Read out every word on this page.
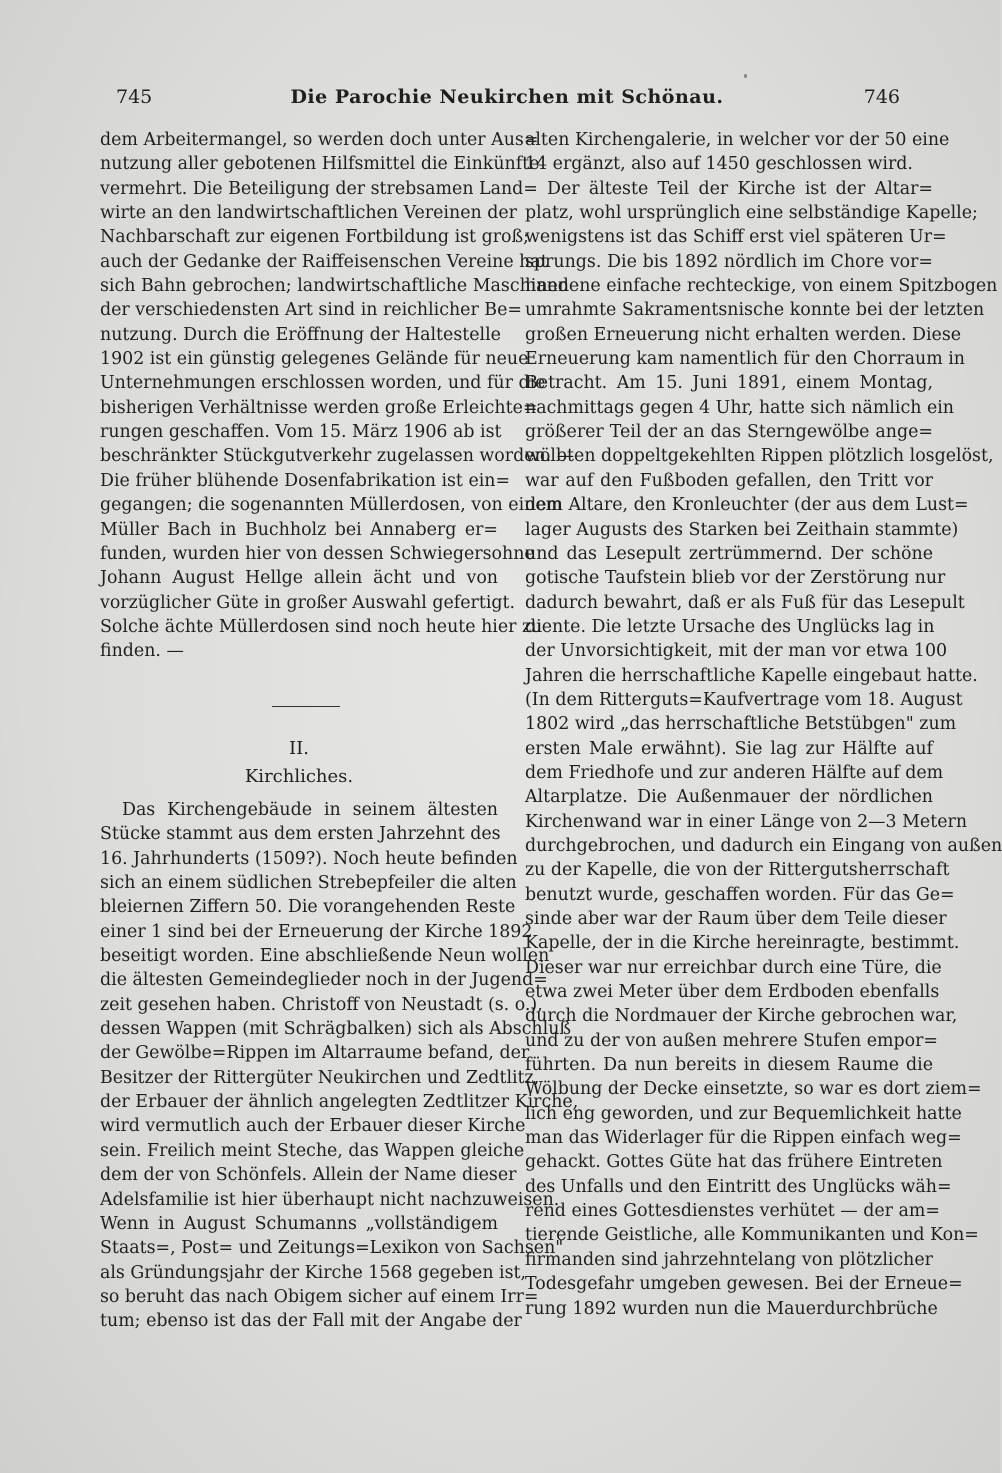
745	Die Parochie Neukirchen mit Schönau.	746
dem Arbeitermangel, so werden doch unter Aus=
nutzung aller gebotenen Hilfsmittel die Einkünfte
vermehrt. Die Beteiligung der strebsamen Land=
wirte an den landwirtschaftlichen Vereinen der
Nachbarschaft zur eigenen Fortbildung ist groß;
auch der Gedanke der Raiffeisenschen Vereine hat
sich Bahn gebrochen; landwirtschaftliche Maschinen
der verschiedensten Art sind in reichlicher Be=
nutzung. Durch die Eröffnung der Haltestelle
1902 ist ein günstig gelegenes Gelände für neue
Unternehmungen erschlossen worden, und für die
bisherigen Verhältnisse werden große Erleichte=
rungen geschaffen. Vom 15. März 1906 ab ist
beschränkter Stückgutverkehr zugelassen worden. —
Die früher blühende Dosenfabrikation ist ein=
gegangen; die sogenannten Müllerdosen, von einem
Müller Bach in Buchholz bei Annaberg er=
funden, wurden hier von dessen Schwiegersohne
Johann August Hellge allein ächt und von
vorzüglicher Güte in großer Auswahl gefertigt.
Solche ächte Müllerdosen sind noch heute hier zu
finden. —
II.
Kirchliches.
Das Kirchengebäude in seinem ältesten
Stücke stammt aus dem ersten Jahrzehnt des
16. Jahrhunderts (1509?). Noch heute befinden
sich an einem südlichen Strebepfeiler die alten
bleiernen Ziffern 50. Die vorangehenden Reste
einer 1 sind bei der Erneuerung der Kirche 1892
beseitigt worden. Eine abschließende Neun wollen
die ältesten Gemeindeglieder noch in der Jugend=
zeit gesehen haben. Christoff von Neustadt (s. o.),
dessen Wappen (mit Schrägbalken) sich als Abschluß
der Gewölbe=Rippen im Altarraume befand, der
Besitzer der Rittergüter Neukirchen und Zedtlitz,
der Erbauer der ähnlich angelegten Zedtlitzer Kirche,
wird vermutlich auch der Erbauer dieser Kirche
sein. Freilich meint Steche, das Wappen gleiche
dem der von Schönfels. Allein der Name dieser
Adelsfamilie ist hier überhaupt nicht nachzuweisen.
Wenn in August Schumanns „vollständigem
Staats=, Post= und Zeitungs=Lexikon von Sachsen"
als Gründungsjahr der Kirche 1568 gegeben ist,
so beruht das nach Obigem sicher auf einem Irr=
tum; ebenso ist das der Fall mit der Angabe der
alten Kirchengalerie, in welcher vor der 50 eine
14 ergänzt, also auf 1450 geschlossen wird.
Der älteste Teil der Kirche ist der Altar=
platz, wohl ursprünglich eine selbständige Kapelle;
wenigstens ist das Schiff erst viel späteren Ur=
sprungs. Die bis 1892 nördlich im Chore vor=
handene einfache rechteckige, von einem Spitzbogen
umrahmte Sakramentsnische konnte bei der letzten
großen Erneuerung nicht erhalten werden. Diese
Erneuerung kam namentlich für den Chorraum in
Betracht. Am 15. Juni 1891, einem Montag,
nachmittags gegen 4 Uhr, hatte sich nämlich ein
größerer Teil der an das Sterngewölbe ange=
wölbten doppeltgekehlten Rippen plötzlich losgelöst,
war auf den Fußboden gefallen, den Tritt vor
dem Altare, den Kronleuchter (der aus dem Lust=
lager Augusts des Starken bei Zeithain stammte)
und das Lesepult zertrümmernd. Der schöne
gotische Taufstein blieb vor der Zerstörung nur
dadurch bewahrt, daß er als Fuß für das Lesepult
diente. Die letzte Ursache des Unglücks lag in
der Unvorsichtigkeit, mit der man vor etwa 100
Jahren die herrschaftliche Kapelle eingebaut hatte.
(In dem Ritterguts=Kaufvertrage vom 18. August
1802 wird „das herrschaftliche Betstübgen" zum
ersten Male erwähnt). Sie lag zur Hälfte auf
dem Friedhofe und zur anderen Hälfte auf dem
Altarplatze. Die Außenmauer der nördlichen
Kirchenwand war in einer Länge von 2—3 Metern
durchgebrochen, und dadurch ein Eingang von außen
zu der Kapelle, die von der Rittergutsherrschaft
benutzt wurde, geschaffen worden. Für das Ge=
sinde aber war der Raum über dem Teile dieser
Kapelle, der in die Kirche hereinragte, bestimmt.
Dieser war nur erreichbar durch eine Türe, die
etwa zwei Meter über dem Erdboden ebenfalls
durch die Nordmauer der Kirche gebrochen war,
und zu der von außen mehrere Stufen empor=
führten. Da nun bereits in diesem Raume die
Wölbung der Decke einsetzte, so war es dort ziem=
lich eng geworden, und zur Bequemlichkeit hatte
man das Widerlager für die Rippen einfach weg=
gehackt. Gottes Güte hat das frühere Eintreten
des Unfalls und den Eintritt des Unglücks wäh=
rend eines Gottesdienstes verhütet — der am=
tierende Geistliche, alle Kommunikanten und Kon=
firmanden sind jahrzehntelang von plötzlicher
Todesgefahr umgeben gewesen. Bei der Erneue=
rung 1892 wurden nun die Mauerdurchbrüche
